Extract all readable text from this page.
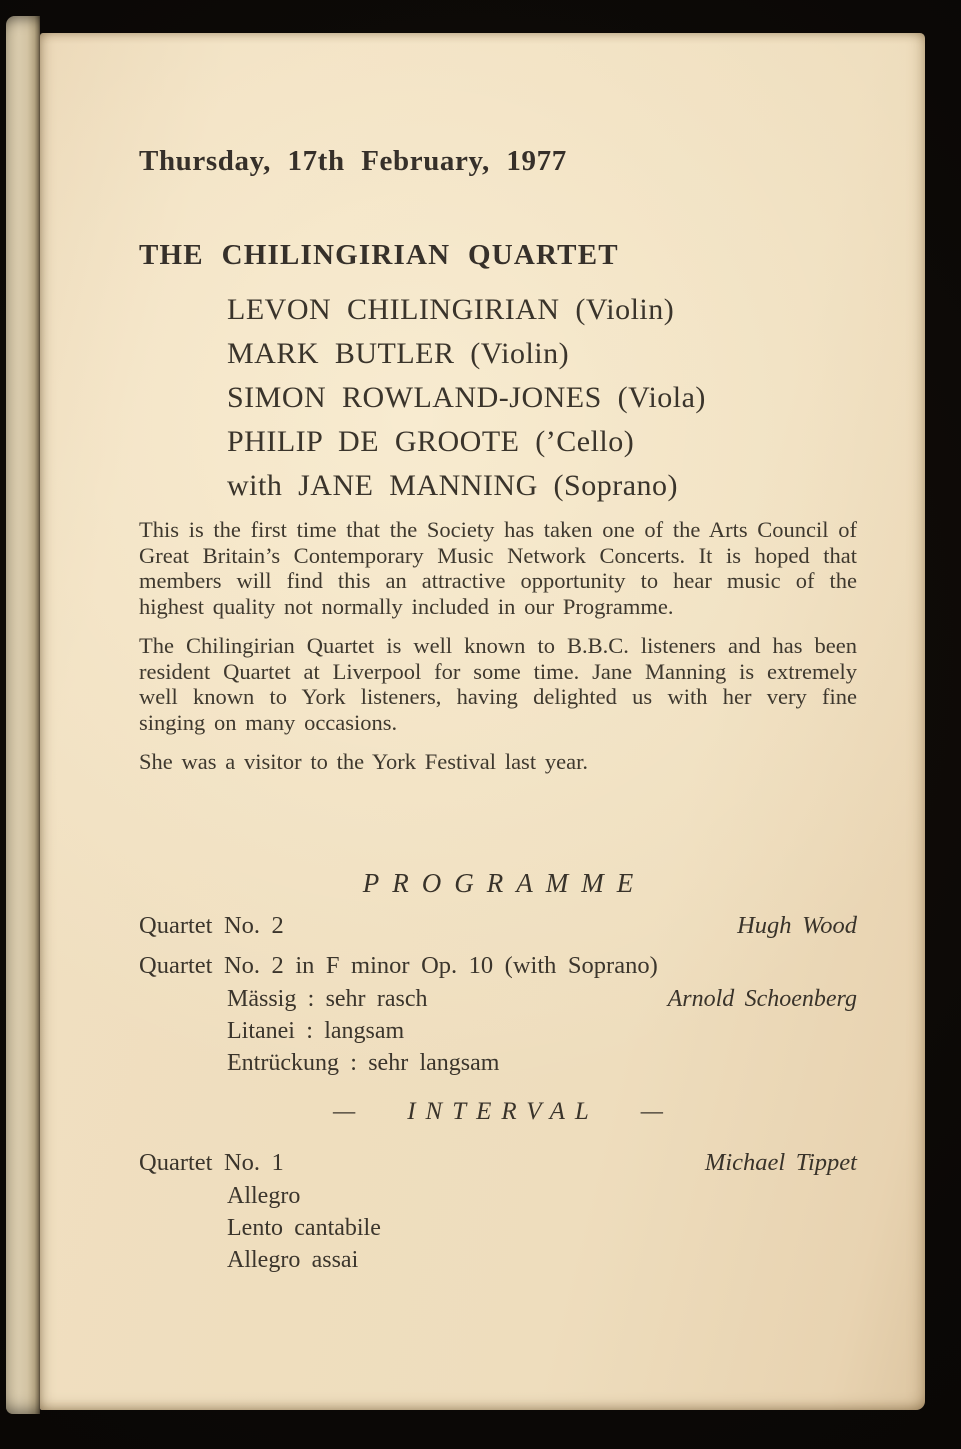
Thursday, 17th February, 1977
THE CHILINGIRIAN QUARTET
LEVON CHILINGIRIAN (Violin)
MARK BUTLER (Violin)
SIMON ROWLAND-JONES (Viola)
PHILIP DE GROOTE (’Cello)
with JANE MANNING (Soprano)

This is the first time that the Society has taken one of the Arts Council of Great Britain’s Contemporary Music Network Concerts. It is hoped that members will find this an attractive opportunity to hear music of the highest quality not normally included in our Programme.

The Chilingirian Quartet is well known to B.B.C. listeners and has been resident Quartet at Liverpool for some time. Jane Manning is extremely well known to York listeners, having delighted us with her very fine singing on many occasions.

She was a visitor to the York Festival last year.

PROGRAMME
Quartet No. 2	Hugh Wood
Quartet No. 2 in F minor Op. 10 (with Soprano)
Mässig : sehr rasch	Arnold Schoenberg
Litanei : langsam
Entrückung : sehr langsam
—	INTERVAL —
Quartet No. 1	Michael Tippet
Allegro
Lento cantabile
Allegro assai
